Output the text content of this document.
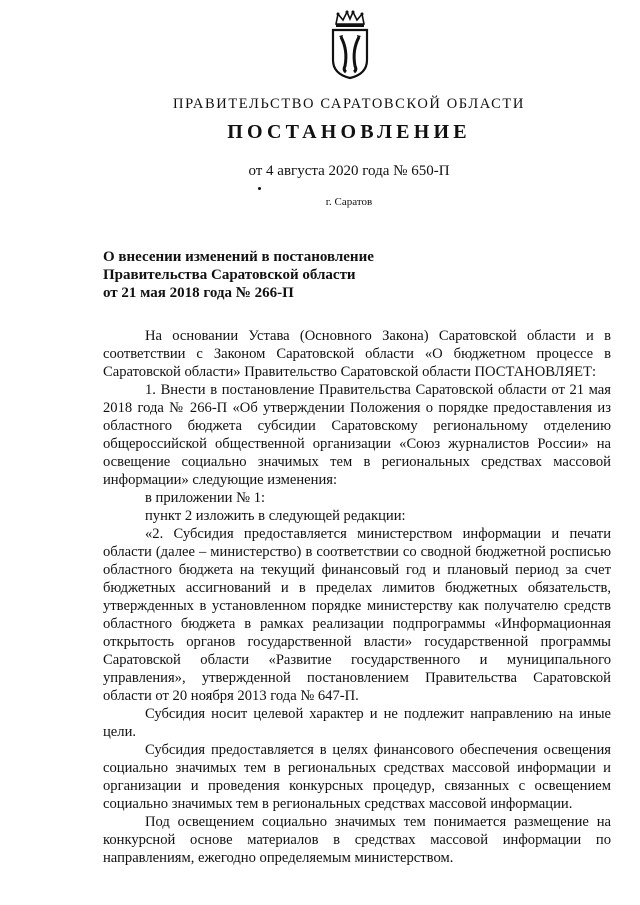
ПРАВИТЕЛЬСТВО САРАТОВСКОЙ ОБЛАСТИ
ПОСТАНОВЛЕНИЕ
от 4 августа 2020 года № 650-П
г. Саратов
О внесении изменений в постановление
Правительства Саратовской области
от 21 мая 2018 года № 266-П

На основании Устава (Основного Закона) Саратовской области и в соответствии с Законом Саратовской области «О бюджетном процессе в Саратовской области» Правительство Саратовской области ПОСТАНОВЛЯЕТ:

1. Внести в постановление Правительства Саратовской области от 21 мая 2018 года № 266-П «Об утверждении Положения о порядке предоставления из областного бюджета субсидии Саратовскому региональному отделению общероссийской общественной организации «Союз журналистов России» на освещение социально значимых тем в региональных средствах массовой информации» следующие изменения:

в приложении № 1:

пункт 2 изложить в следующей редакции:

«2. Субсидия предоставляется министерством информации и печати области (далее – министерство) в соответствии со сводной бюджетной росписью областного бюджета на текущий финансовый год и плановый период за счет бюджетных ассигнований и в пределах лимитов бюджетных обязательств, утвержденных в установленном порядке министерству как получателю средств областного бюджета в рамках реализации подпрограммы «Информационная открытость органов государственной власти» государственной программы Саратовской области «Развитие государственного и муниципального управления», утвержденной постановлением Правительства Саратовской области от 20 ноября 2013 года № 647-П.

Субсидия носит целевой характер и не подлежит направлению на иные цели.

Субсидия предоставляется в целях финансового обеспечения освещения социально значимых тем в региональных средствах массовой информации и организации и проведения конкурсных процедур, связанных с освещением социально значимых тем в региональных средствах массовой информации.

Под освещением социально значимых тем понимается размещение на конкурсной основе материалов в средствах массовой информации по направлениям, ежегодно определяемым министерством.
